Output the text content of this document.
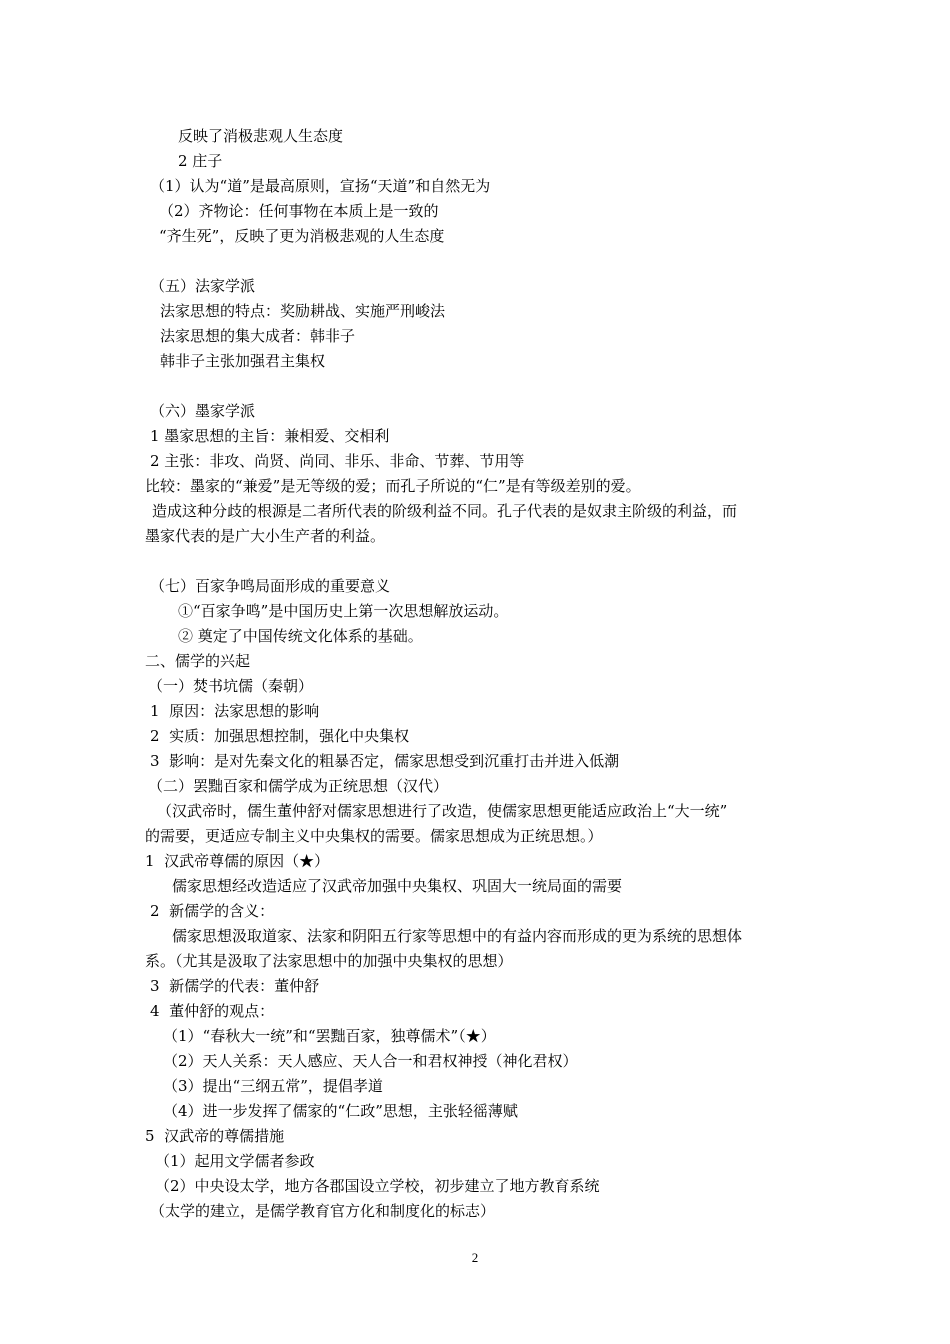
反映了消极悲观人生态度
2 庄子
（1）认为“道”是最高原则，宣扬“天道”和自然无为
（2）齐物论：任何事物在本质上是一致的
“齐生死”，反映了更为消极悲观的人生态度
（五）法家学派
法家思想的特点：奖励耕战、实施严刑峻法
法家思想的集大成者：韩非子
韩非子主张加强君主集权
（六）墨家学派
1 墨家思想的主旨：兼相爱、交相利
2 主张：非攻、尚贤、尚同、非乐、非命、节葬、节用等
比较：墨家的“兼爱”是无等级的爱；而孔子所说的“仁”是有等级差别的爱。
造成这种分歧的根源是二者所代表的阶级利益不同。孔子代表的是奴隶主阶级的利益，而
墨家代表的是广大小生产者的利益。
（七）百家争鸣局面形成的重要意义
①“百家争鸣”是中国历史上第一次思想解放运动。
② 奠定了中国传统文化体系的基础。
二、儒学的兴起
（一）焚书坑儒（秦朝）
1  原因：法家思想的影响
2  实质：加强思想控制，强化中央集权
3  影响：是对先秦文化的粗暴否定，儒家思想受到沉重打击并进入低潮
（二）罢黜百家和儒学成为正统思想（汉代）
（汉武帝时，儒生董仲舒对儒家思想进行了改造，使儒家思想更能适应政治上“大一统”
的需要，更适应专制主义中央集权的需要。儒家思想成为正统思想。）
1  汉武帝尊儒的原因（★）
儒家思想经改造适应了汉武帝加强中央集权、巩固大一统局面的需要
2  新儒学的含义：
儒家思想汲取道家、法家和阴阳五行家等思想中的有益内容而形成的更为系统的思想体
系。（尤其是汲取了法家思想中的加强中央集权的思想）
3  新儒学的代表：董仲舒
4  董仲舒的观点：
（1）“春秋大一统”和“罢黜百家，独尊儒术”（★）
（2）天人关系：天人感应、天人合一和君权神授（神化君权）
（3）提出“三纲五常”，提倡孝道
（4）进一步发挥了儒家的“仁政”思想，主张轻徭薄赋
5  汉武帝的尊儒措施
（1）起用文学儒者参政
（2）中央设太学，地方各郡国设立学校，初步建立了地方教育系统
（太学的建立，是儒学教育官方化和制度化的标志）
2
